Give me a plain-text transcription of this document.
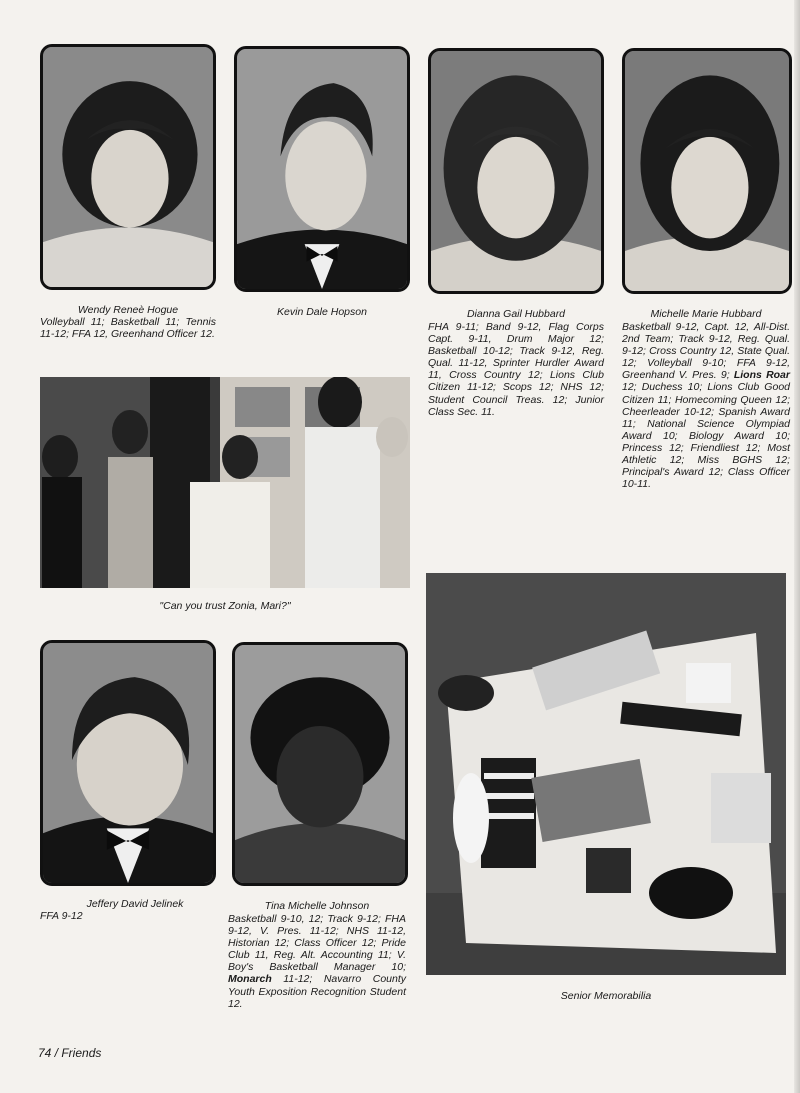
Wendy Reneè Hogue
Volleyball 11; Basketball 11; Tennis 11-12; FFA 12, Greenhand Officer 12.
Kevin Dale Hopson	Dianna Gail Hubbard
FHA 9-11; Band 9-12, Flag Corps Capt. 9-11, Drum Major 12; Basketball 10-12; Track 9-12, Reg. Qual. 11-12, Sprinter Hurdler Award 11, Cross Country 12; Lions Club Citizen 11-12; Scops 12; NHS 12; Student Council Treas. 12; Junior Class Sec. 11.
Michelle Marie Hubbard
Basketball 9-12, Capt. 12, All-Dist. 2nd Team; Track 9-12, Reg. Qual. 9-12; Cross Country 12, State Qual. 12; Volleyball 9-10; FFA 9-12, Greenhand V. Pres. 9; Lions Roar 12; Duchess 10; Lions Club Good Citizen 11; Homecoming Queen 12; Cheerleader 10-12; Spanish Award 11; National Science Olympiad Award 10; Biology Award 10; Princess 12; Friendliest 12; Most Athletic 12; Miss BGHS 12; Principal's Award 12; Class Officer 10-11.
"Can you trust Zonia, Mari?"
Jeffery David Jelinek
FFA 9-12
Tina Michelle Johnson
Basketball 9-10, 12; Track 9-12; FHA 9-12, V. Pres. 11-12; NHS 11-12, Historian 12; Class Officer 12; Pride Club 11, Reg. Alt. Accounting 11; V. Boy's Basketball Manager 10; Monarch 11-12; Navarro County Youth Exposition Recognition Student 12.
Senior Memorabilia
74 / Friends
